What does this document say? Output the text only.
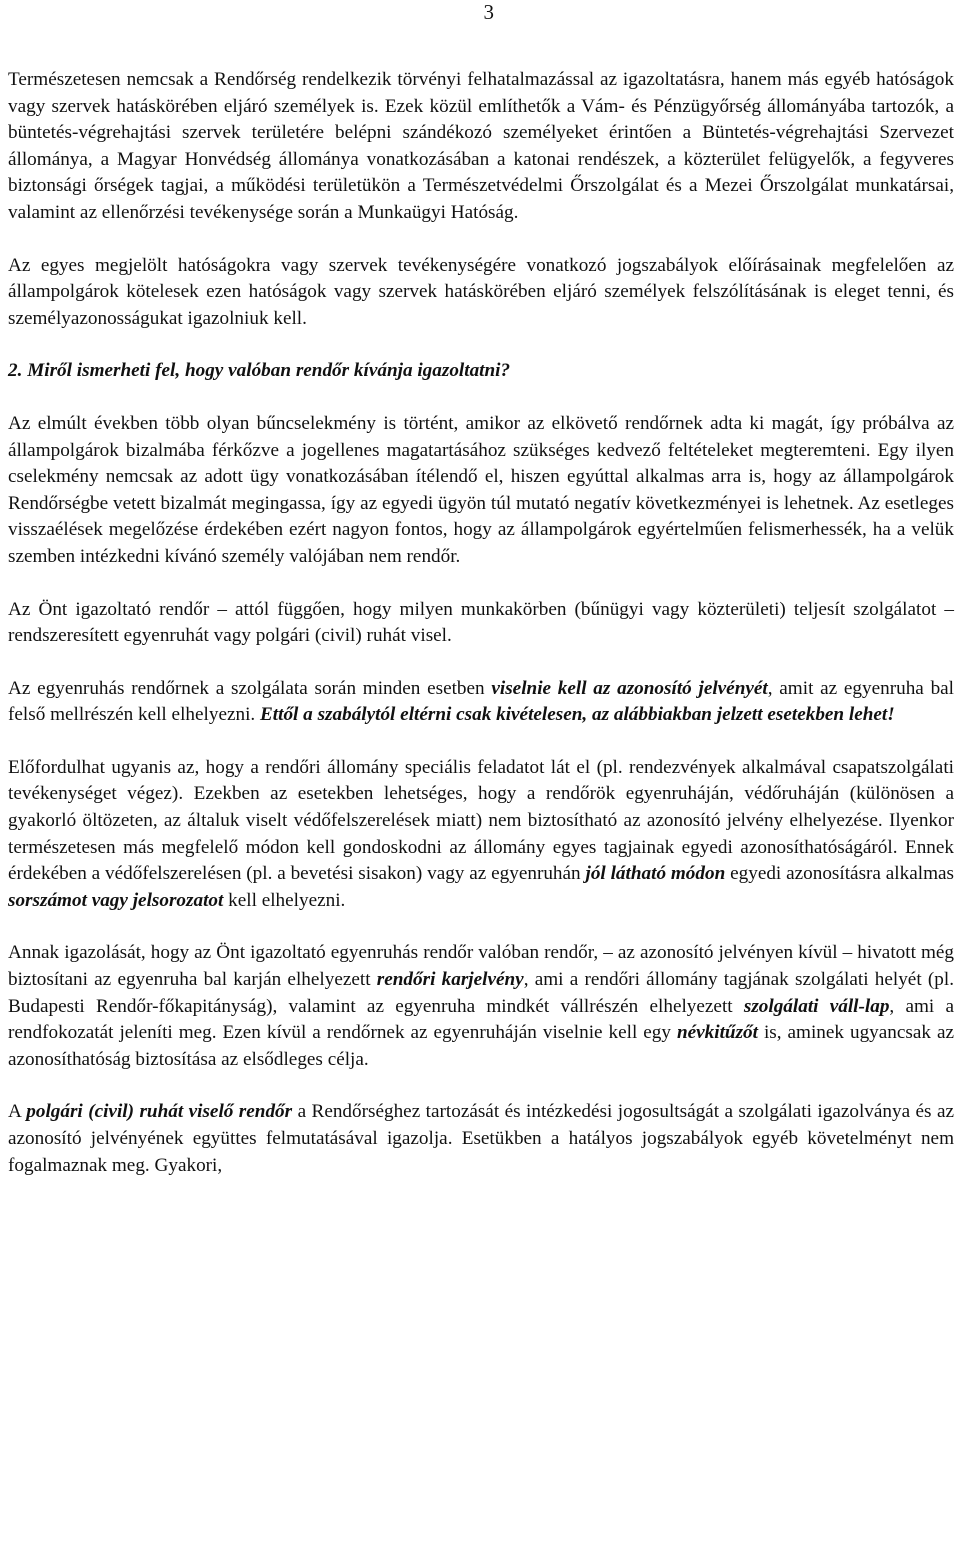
3

Természetesen nemcsak a Rendőrség rendelkezik törvényi felhatalmazással az igazoltatásra, hanem más egyéb hatóságok vagy szervek hatáskörében eljáró személyek is. Ezek közül említhetők a Vám- és Pénzügyőrség állományába tartozók, a büntetés-végrehajtási szervek területére belépni szándékozó személyeket érintően a Büntetés-végrehajtási Szervezet állománya, a Magyar Honvédség állománya vonatkozásában a katonai rendészek, a közterület felügyelők, a fegyveres biztonsági őrségek tagjai, a működési területükön a Természetvédelmi Őrszolgálat és a Mezei Őrszolgálat munkatársai, valamint az ellenőrzési tevékenysége során a Munkaügyi Hatóság.

Az egyes megjelölt hatóságokra vagy szervek tevékenységére vonatkozó jogszabályok előírásainak megfelelően az állampolgárok kötelesek ezen hatóságok vagy szervek hatáskörében eljáró személyek felszólításának is eleget tenni, és személyazonosságukat igazolniuk kell.

2. Miről ismerheti fel, hogy valóban rendőr kívánja igazoltatni?

Az elmúlt években több olyan bűncselekmény is történt, amikor az elkövető rendőrnek adta ki magát, így próbálva az állampolgárok bizalmába férkőzve a jogellenes magatartásához szükséges kedvező feltételeket megteremteni. Egy ilyen cselekmény nemcsak az adott ügy vonatkozásában ítélendő el, hiszen egyúttal alkalmas arra is, hogy az állampolgárok Rendőrségbe vetett bizalmát megingassa, így az egyedi ügyön túl mutató negatív következményei is lehetnek. Az esetleges visszaélések megelőzése érdekében ezért nagyon fontos, hogy az állampolgárok egyértelműen felismerhessék, ha a velük szemben intézkedni kívánó személy valójában nem rendőr.

Az Önt igazoltató rendőr – attól függően, hogy milyen munkakörben (bűnügyi vagy közterületi) teljesít szolgálatot – rendszeresített egyenruhát vagy polgári (civil) ruhát visel.

Az egyenruhás rendőrnek a szolgálata során minden esetben viselnie kell az azonosító jelvényét, amit az egyenruha bal felső mellrészén kell elhelyezni. Ettől a szabálytól eltérni csak kivételesen, az alábbiakban jelzett esetekben lehet!

Előfordulhat ugyanis az, hogy a rendőri állomány speciális feladatot lát el (pl. rendezvények alkalmával csapatszolgálati tevékenységet végez). Ezekben az esetekben lehetséges, hogy a rendőrök egyenruháján, védőruháján (különösen a gyakorló öltözeten, az általuk viselt védőfelszerelések miatt) nem biztosítható az azonosító jelvény elhelyezése. Ilyenkor természetesen más megfelelő módon kell gondoskodni az állomány egyes tagjainak egyedi azonosíthatóságáról. Ennek érdekében a védőfelszerelésen (pl. a bevetési sisakon) vagy az egyenruhán jól látható módon egyedi azonosításra alkalmas sorszámot vagy jelsorozatot kell elhelyezni.

Annak igazolását, hogy az Önt igazoltató egyenruhás rendőr valóban rendőr, – az azonosító jelvényen kívül – hivatott még biztosítani az egyenruha bal karján elhelyezett rendőri karjelvény, ami a rendőri állomány tagjának szolgálati helyét (pl. Budapesti Rendőr-főkapitányság), valamint az egyenruha mindkét vállrészén elhelyezett szolgálati váll-lap, ami a rendfokozatát jeleníti meg. Ezen kívül a rendőrnek az egyenruháján viselnie kell egy névkitűzőt is, aminek ugyancsak az azonosíthatóság biztosítása az elsődleges célja.

A polgári (civil) ruhát viselő rendőr a Rendőrséghez tartozását és intézkedési jogosultságát a szolgálati igazolványa és az azonosító jelvényének együttes felmutatásával igazolja. Esetükben a hatályos jogszabályok egyéb követelményt nem fogalmaznak meg. Gyakori,
